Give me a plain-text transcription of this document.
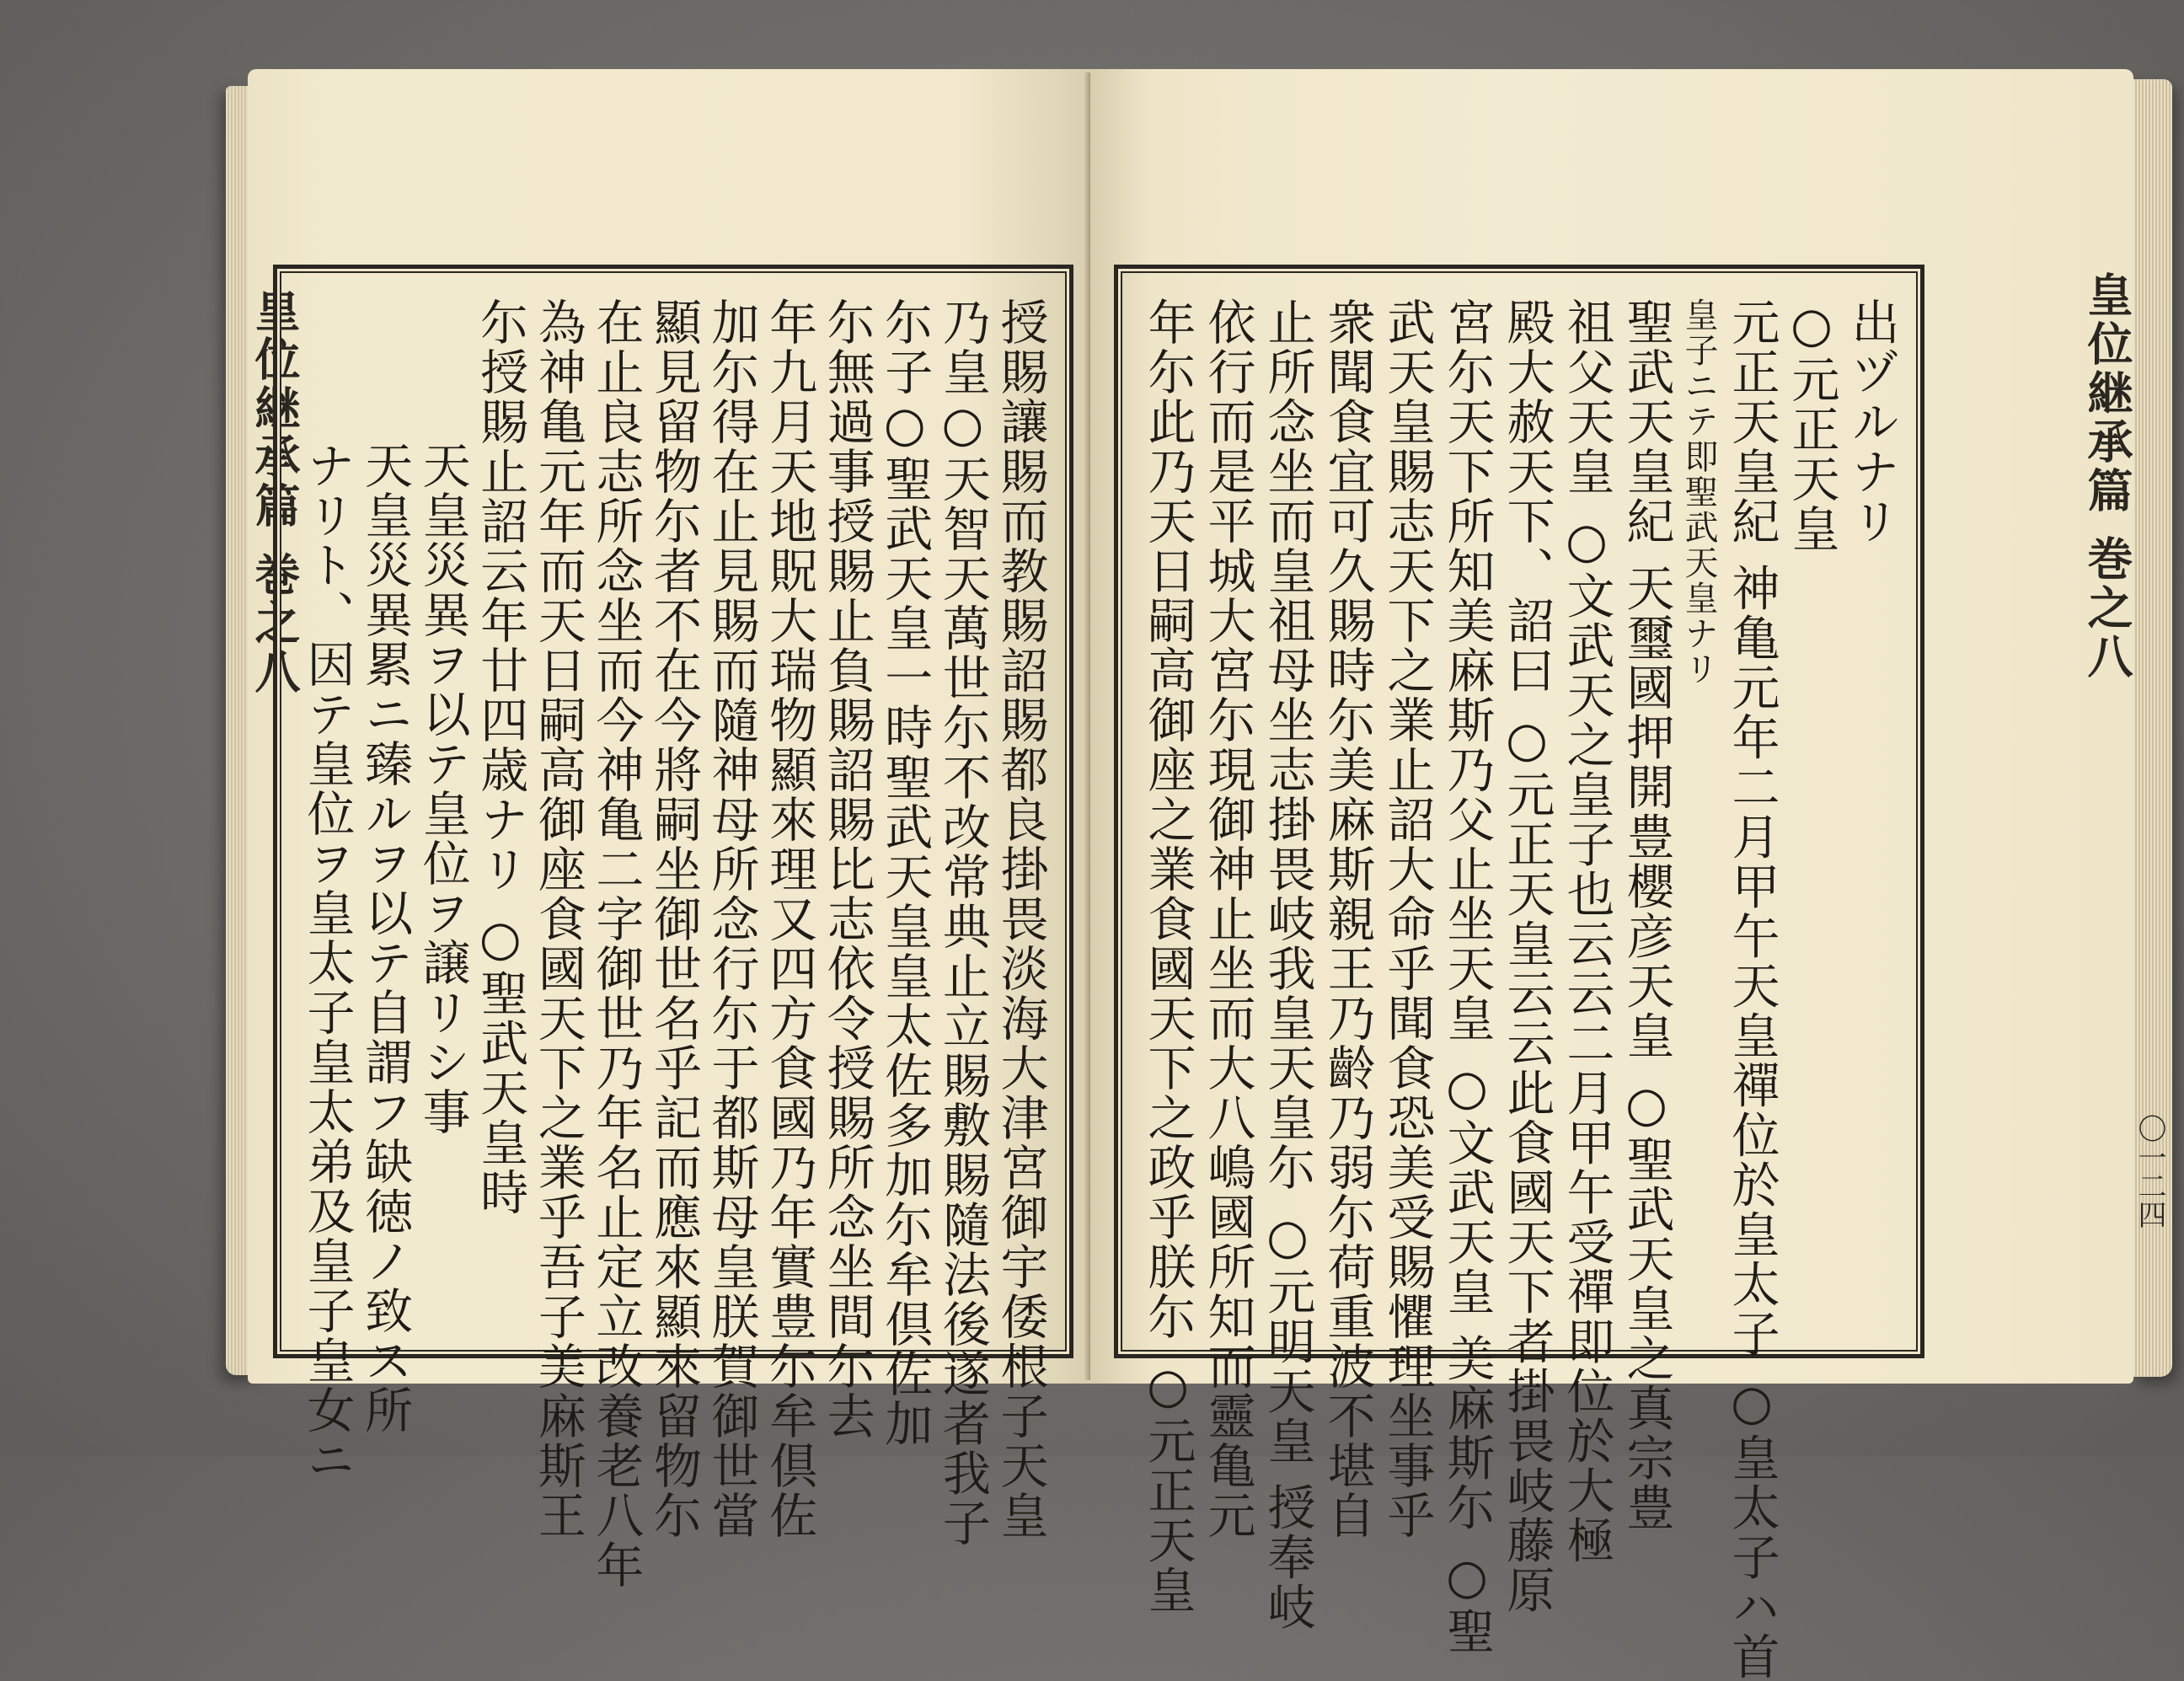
皇位継承篇 巻之八	授賜讓賜而教賜詔賜都良掛畏淡海大津宮御宇倭根子天皇
乃皇○天智天萬世尓不改常典止立賜敷賜隨法後遂者我子
尓子○聖武天皇一時聖武天皇皇太佐多加尓牟倶佐加
尓無過事授賜止負賜詔賜比志依令授賜所念坐間尓去
年九月天地貺大瑞物顯來理又四方食國乃年實豊尓牟倶佐
加尓得在止見賜而隨神母所念行尓于都斯母皇朕賀御世當
顯見留物尓者不在今將嗣坐御世名乎記而應來顯來留物尓
在止良志所念坐而今神亀二字御世乃年名止定立改養老八年
為神亀元年而天日嗣高御座食國天下之業乎吾子美麻斯王
尓授賜止詔云年廿四歳ナリ ○聖武天皇時
天皇災異ヲ以テ皇位ヲ譲リシ事
天皇災異累ニ臻ルヲ以テ自謂フ缺徳ノ致ス所
ナリト、因テ皇位ヲ皇太子皇太弟及皇子皇女ニ	皇位継承篇 巻之八
〇一二四
出ヅルナリ
○元正天皇
元正天皇紀 神亀元年二月甲午天皇禪位於皇太子 ○皇太子ハ首
皇子ニテ即聖武天皇ナリ
聖武天皇紀 天璽國押開豊櫻彦天皇 ○聖武天皇之真宗豊
祖父天皇 ○文武天之皇子也云云二月甲午受禪即位於大極
殿大赦天下、詔曰 ○元正天皇云云此食國天下者掛畏岐藤原
宮尓天下所知美麻斯乃父止坐天皇 ○文武天皇 美麻斯尓 ○聖
武天皇賜志天下之業止詔大命乎聞食恐美受賜懼理坐事乎
衆聞食宜可久賜時尓美麻斯親王乃齡乃弱尓荷重波不堪自
止所念坐而皇祖母坐志掛畏岐我皇天皇尓 ○元明天皇 授奉岐
依行而是平城大宮尓現御神止坐而大八嶋國所知而靈亀元
年尓此乃天日嗣高御座之業食國天下之政乎朕尓 ○元正天皇
